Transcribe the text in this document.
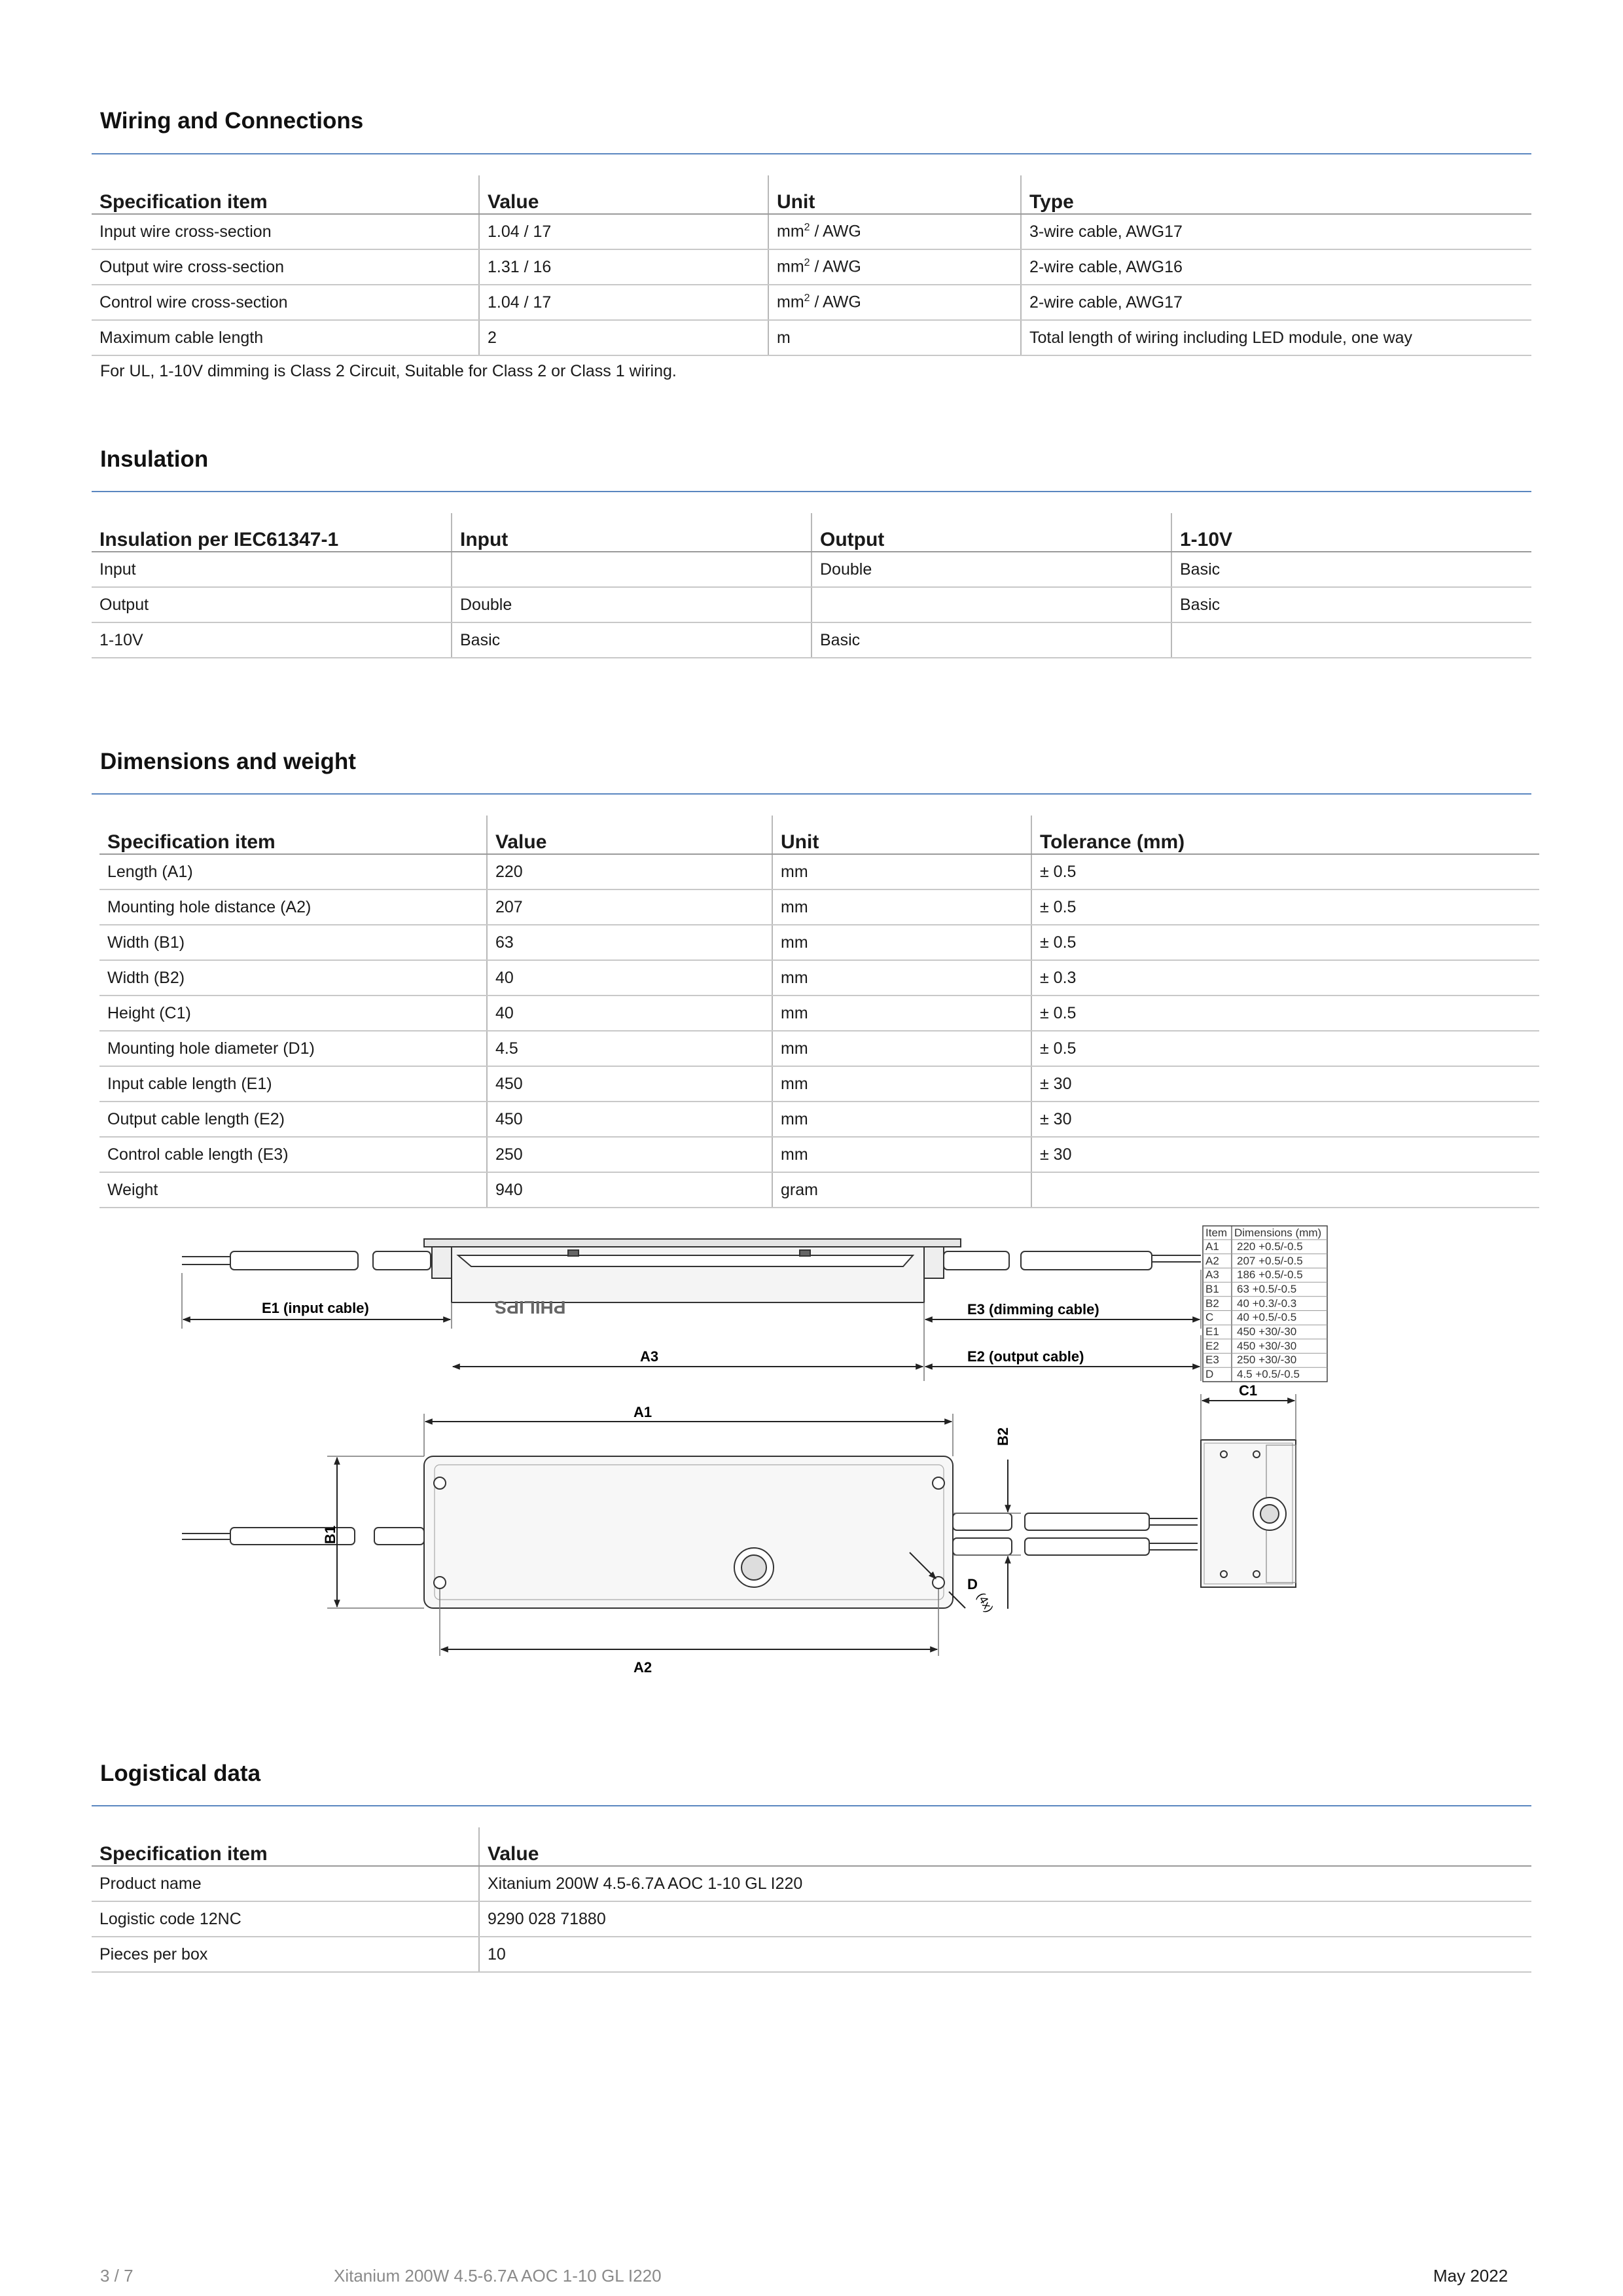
Wiring and Connections
Specification item	Value	Unit	Type
Input wire cross-section	1.04 / 17	$mm^2$ / AWG	3-wire cable, AWG17
Output wire cross-section	1.31 / 16	$mm^2$ / AWG	2-wire cable, AWG16
Control wire cross-section	1.04 / 17	$mm^2$ / AWG	2-wire cable, AWG17
Maximum cable length	2	m	Total length of wiring including LED module, one way
For UL, 1-10V dimming is Class 2 Circuit, Suitable for Class 2 or Class 1 wiring.
Insulation
Insulation per IEC61347-1	Input	Output	1-10V
Input		Double	Basic
Output	Double		Basic
1-10V	Basic	Basic	
Dimensions and weight
Specification item	Value	Unit	Tolerance (mm)
Length (A1)	220	mm	± 0.5
Mounting hole distance (A2)	207	mm	± 0.5
Width (B1)	63	mm	± 0.5
Width (B2)	40	mm	± 0.3
Height (C1)	40	mm	± 0.5
Mounting hole diameter (D1)	4.5	mm	± 0.5
Input cable length (E1)	450	mm	± 30
Output cable length (E2)	450	mm	± 30
Control cable length (E3)	250	mm	± 30
Weight	940	gram	
PHILIPS
E1 (input cable)	E3 (dimming cable)
E2 (output cable)
A3
Item Dimensions (mm)
A1 220 +0.5/-0.5
A2 207 +0.5/-0.5
A3 186 +0.5/-0.5
B1 63 +0.5/-0.5
B2 40 +0.3/-0.3
C 40 +0.5/-0.5
E1 450 +30/-30
E2 450 +30/-30
E3 250 +30/-30
D 4.5 +0.5/-0.5
A1
A2
B1
B2
D
(4x)
C1
Logistical data
Specification item	Value
Product name	Xitanium 200W 4.5-6.7A AOC 1-10 GL I220
Logistic code 12NC	9290 028 71880
Pieces per box	10
3 / 7	Xitanium 200W 4.5-6.7A AOC 1-10 GL I220	May 2022
